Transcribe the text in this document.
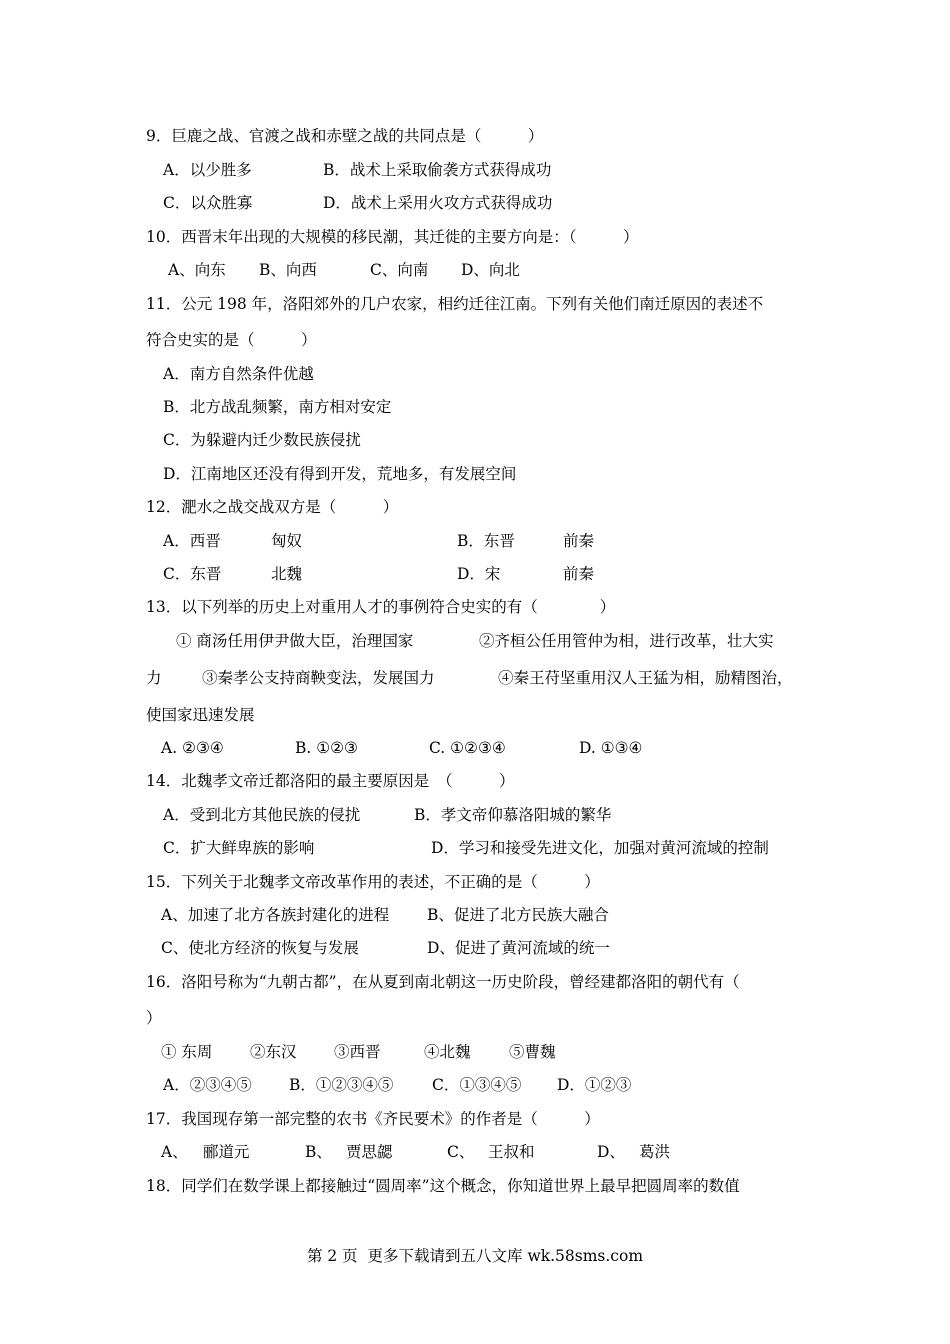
9．巨鹿之战、官渡之战和赤壁之战的共同点是（　　　）
A．以少胜多	B．战术上采取偷袭方式获得成功
C．以众胜寡	D．战术上采用火攻方式获得成功
10．西晋末年出现的大规模的移民潮，其迁徙的主要方向是：（　　　）
A、向东 B、向西	C、向南 D、向北
11．公元 198 年，洛阳郊外的几户农家，相约迁往江南。下列有关他们南迁原因的表述不
符合史实的是（　　　）
A．南方自然条件优越
B．北方战乱频繁，南方相对安定
C．为躲避内迁少数民族侵扰
D．江南地区还没有得到开发，荒地多，有发展空间
12．淝水之战交战双方是（　　　）
A．西晋	匈奴	B．东晋	前秦
C．东晋	北魏	D．宋	前秦
13．以下列举的历史上对重用人才的事例符合史实的有（　　　　）
① 商汤任用伊尹做大臣，治理国家	②齐桓公任用管仲为相，进行改革，壮大实
力	③秦孝公支持商鞅变法，发展国力	④秦王苻坚重用汉人王猛为相，励精图治，
使国家迅速发展
A. ②③④	B. ①②③	C. ①②③④	D. ①③④
14．北魏孝文帝迁都洛阳的最主要原因是　（　　　）
A．受到北方其他民族的侵扰	B．孝文帝仰慕洛阳城的繁华
C．扩大鲜卑族的影响	D．学习和接受先进文化，加强对黄河流域的控制
15．下列关于北魏孝文帝改革作用的表述，不正确的是（　　　）
A、加速了北方各族封建化的进程 B、促进了北方民族大融合
C、使北方经济的恢复与发展	D、促进了黄河流域的统一
16．洛阳号称为“九朝古都”，在从夏到南北朝这一历史阶段，曾经建都洛阳的朝代有（
）
① 东周 ②东汉 ③西晋	④北魏 ⑤曹魏
A．②③④⑤ B．①②③④⑤ C．①③④⑤ D．①②③
17．我国现存第一部完整的农书《齐民要术》的作者是（　　　）
A、 郦道元	B、 贾思勰	C、 王叔和	D、 葛洪
18．同学们在数学课上都接触过“圆周率”这个概念，你知道世界上最早把圆周率的数值
第 2 页  更多下载请到五八文库 wk.58sms.com
